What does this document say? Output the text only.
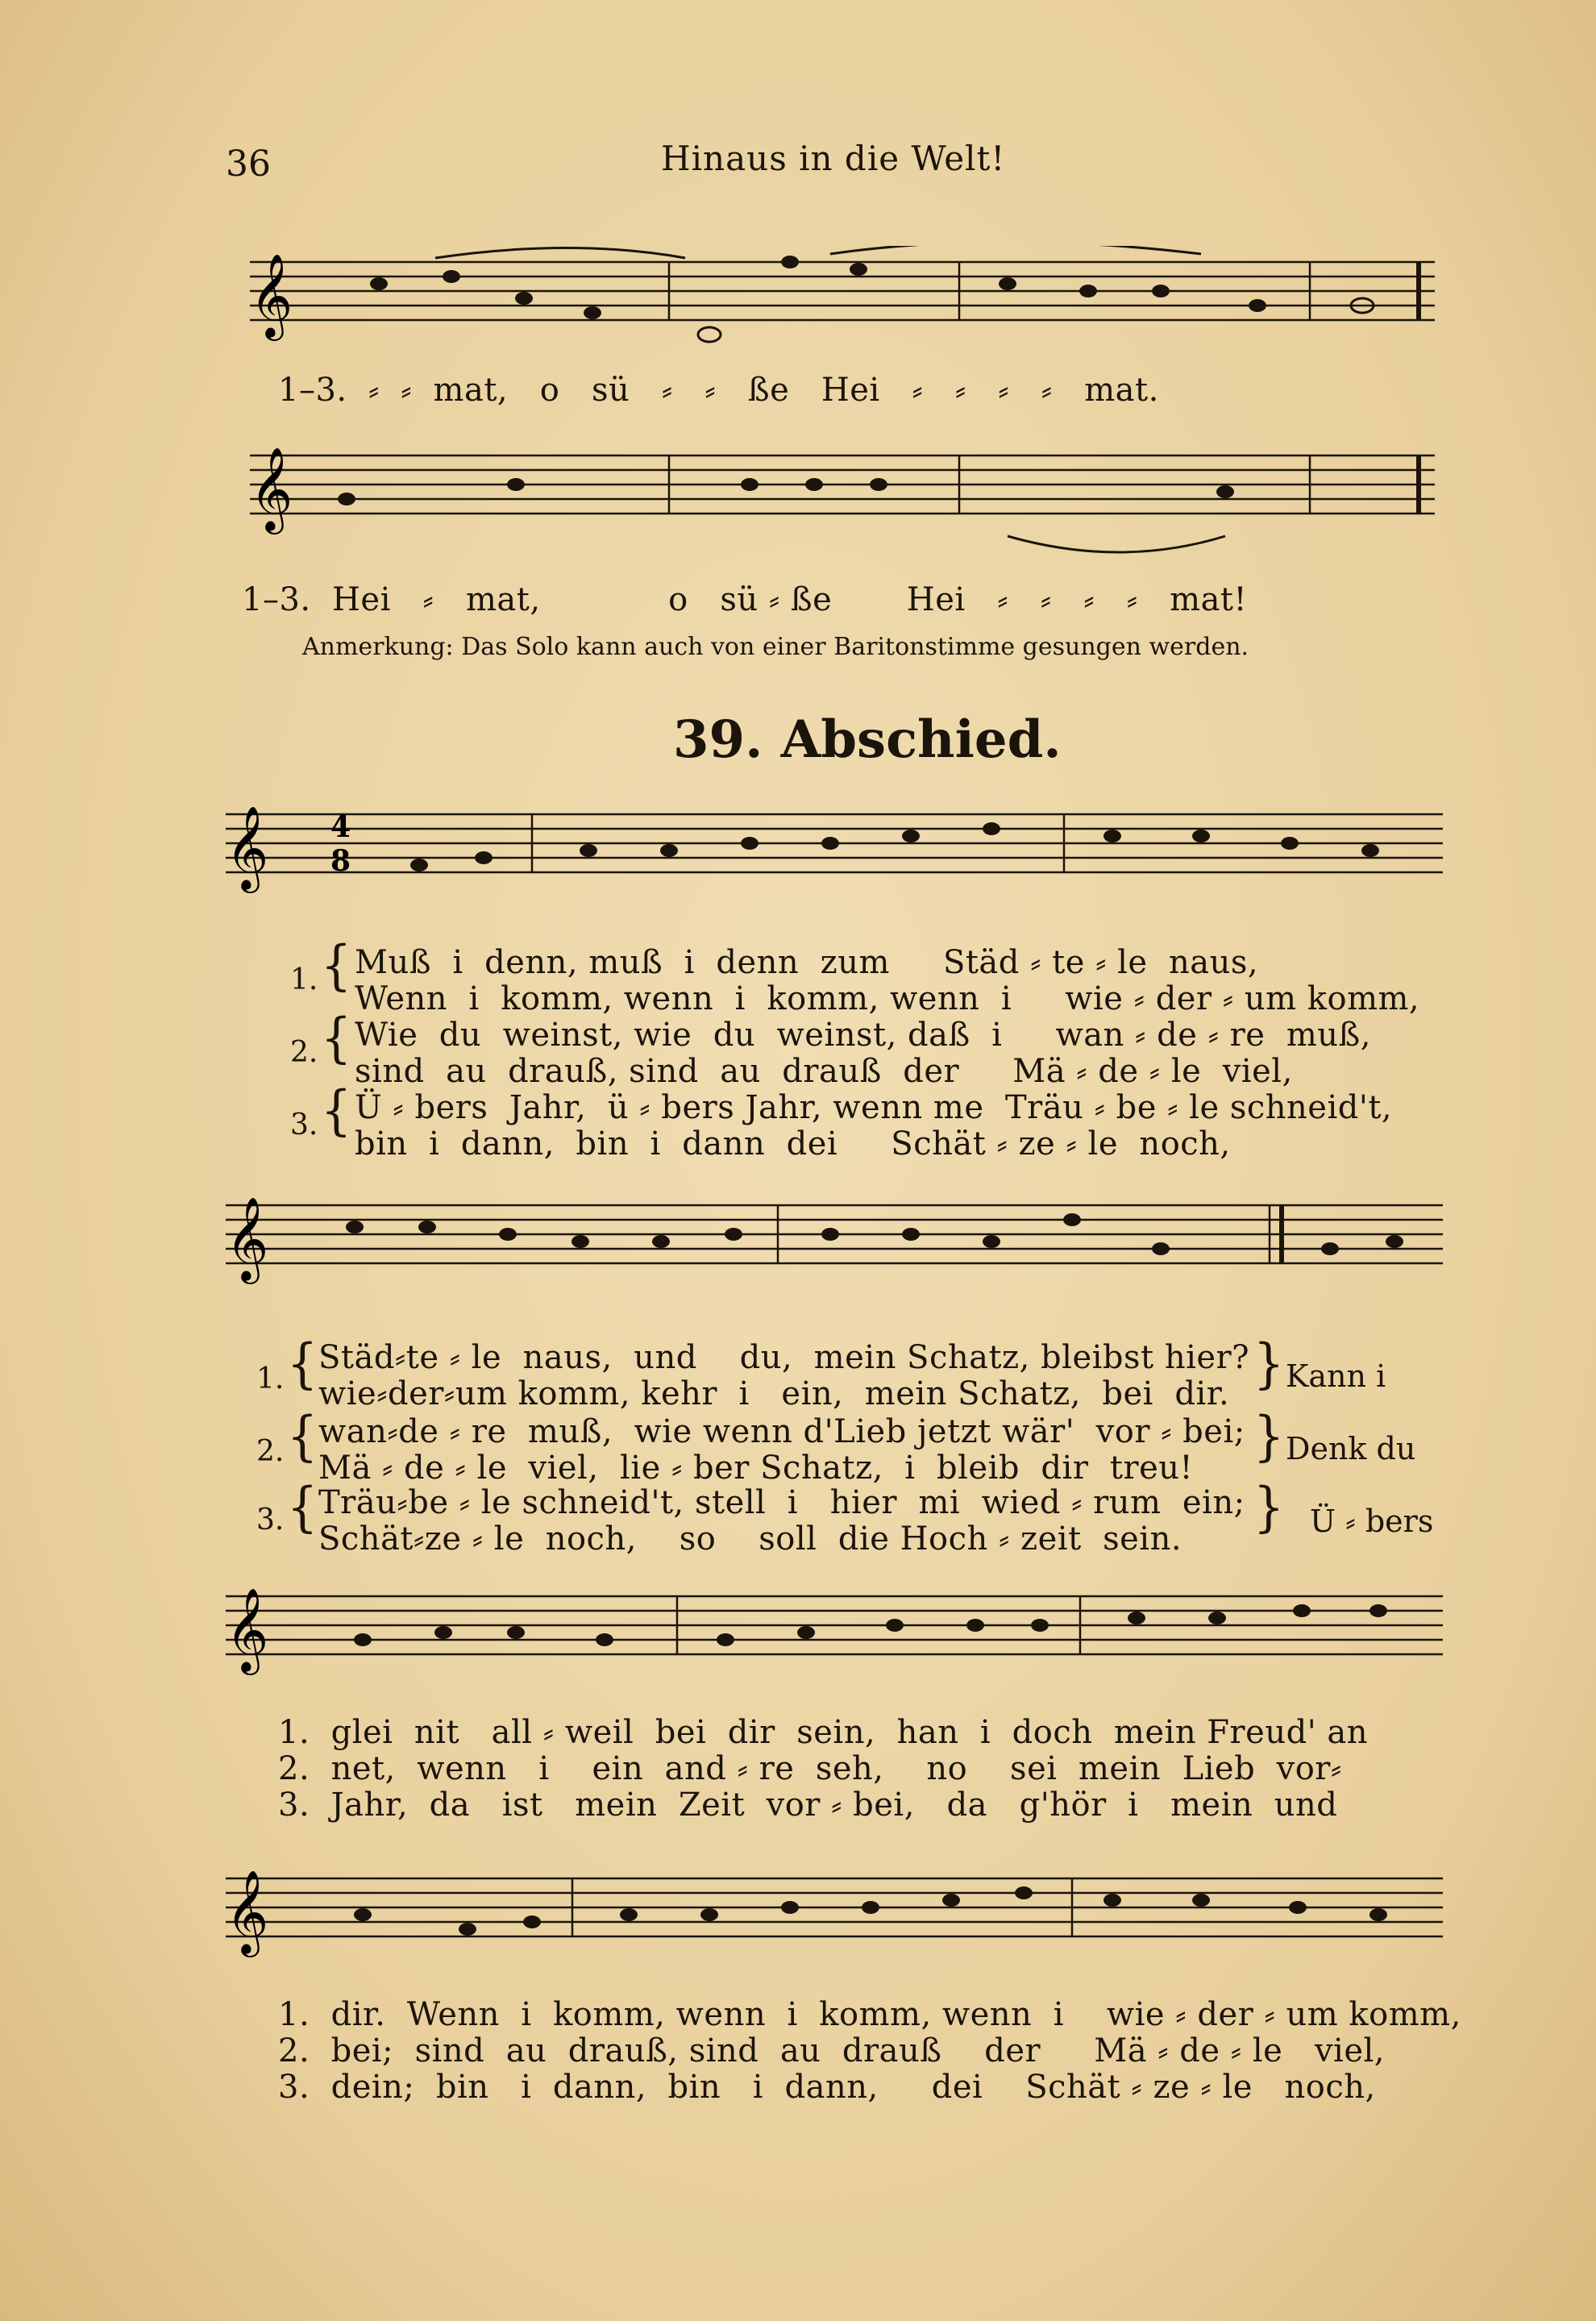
36	Hinaus in die Welt!
𝄞
1–3.  ⸗  ⸗  mat,   o   sü   ⸗   ⸗   ße   Hei   ⸗   ⸗   ⸗   ⸗   mat.
𝄞
1–3.  Hei   ⸗   mat,            o   sü ⸗ ße       Hei   ⸗   ⸗   ⸗   ⸗   mat!
Anmerkung: Das Solo kann auch von einer Baritonstimme gesungen werden.
39. Abschied.
𝄞 4
8
1. { Muß  i  denn, muß  i  denn  zum     Städ ⸗ te ⸗ le  naus,
Wenn  i  komm, wenn  i  komm, wenn  i     wie ⸗ der ⸗ um komm,
2. { Wie  du  weinst, wie  du  weinst, daß  i     wan ⸗ de ⸗ re  muß,
sind  au  drauß, sind  au  drauß  der     Mä ⸗ de ⸗ le  viel,
3. { Ü ⸗ bers  Jahr,  ü ⸗ bers Jahr, wenn me  Träu ⸗ be ⸗ le schneid't,
bin  i  dann,  bin  i  dann  dei     Schät ⸗ ze ⸗ le  noch,
𝄞
1. { Städ⸗te ⸗ le  naus,  und    du,  mein Schatz, bleibst hier?
wie⸗der⸗um komm, kehr  i   ein,  mein Schatz,  bei  dir. } Kann i
2. { wan⸗de ⸗ re  muß,  wie wenn d'Lieb jetzt wär'  vor ⸗ bei;
Mä ⸗ de ⸗ le  viel,  lie ⸗ ber Schatz,  i  bleib  dir  treu!
} Denk du
3. { Träu⸗be ⸗ le schneid't, stell  i   hier  mi  wied ⸗ rum  ein;
Schät⸗ze ⸗ le  noch,    so    soll  die Hoch ⸗ zeit  sein.
} Ü ⸗ bers
𝄞
1.  glei  nit   all ⸗ weil  bei  dir  sein,  han  i  doch  mein Freud' an
2.  net,  wenn   i    ein  and ⸗ re  seh,    no    sei  mein  Lieb  vor⸗
3.  Jahr,  da   ist   mein  Zeit  vor ⸗ bei,   da   g'hör  i   mein  und
𝄞
1.  dir.  Wenn  i  komm, wenn  i  komm, wenn  i    wie ⸗ der ⸗ um komm,
2.  bei;  sind  au  drauß, sind  au  drauß    der     Mä ⸗ de ⸗ le   viel,
3.  dein;  bin   i  dann,  bin   i  dann,     dei    Schät ⸗ ze ⸗ le   noch,
